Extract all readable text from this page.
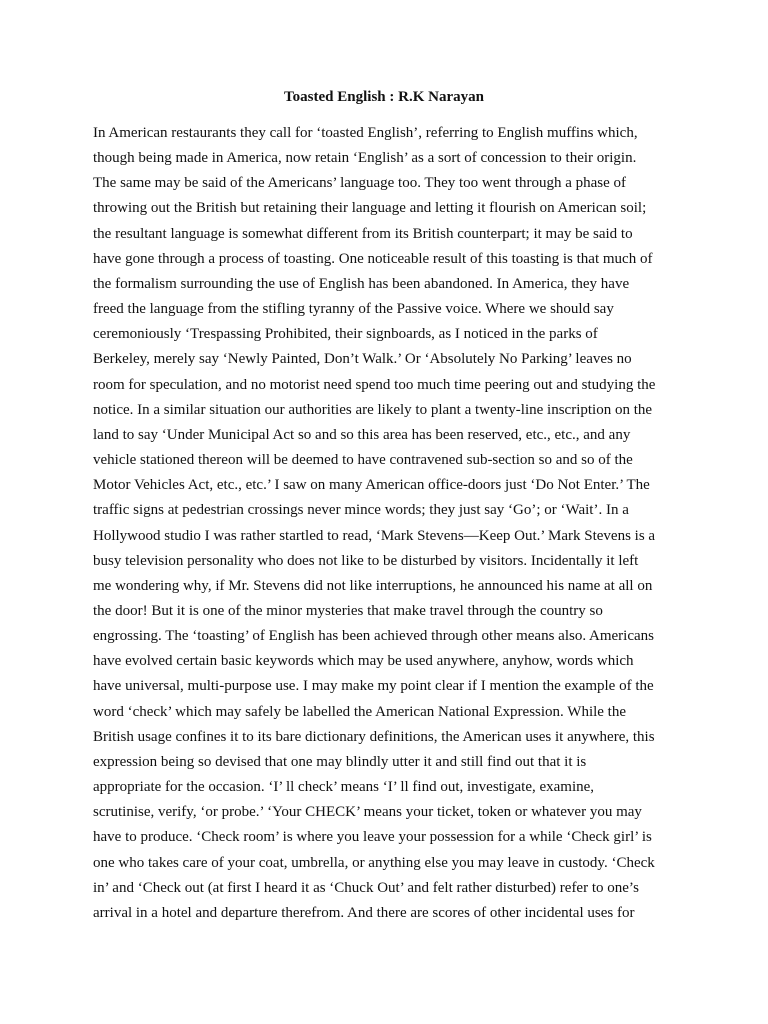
Toasted English : R.K Narayan
In American restaurants they call for ‘toasted English’, referring to English muffins which,
though being made in America, now retain ‘English’ as a sort of concession to their origin.
The same may be said of the Americans’ language too. They too went through a phase of
throwing out the British but retaining their language and letting it flourish on American soil;
the resultant language is somewhat different from its British counterpart; it may be said to
have gone through a process of toasting. One noticeable result of this toasting is that much of
the formalism surrounding the use of English has been abandoned. In America, they have
freed the language from the stifling tyranny of the Passive voice. Where we should say
ceremoniously ‘Trespassing Prohibited, their signboards, as I noticed in the parks of
Berkeley, merely say ‘Newly Painted, Don’t Walk.’ Or ‘Absolutely No Parking’ leaves no
room for speculation, and no motorist need spend too much time peering out and studying the
notice. In a similar situation our authorities are likely to plant a twenty-line inscription on the
land to say ‘Under Municipal Act so and so this area has been reserved, etc., etc., and any
vehicle stationed thereon will be deemed to have contravened sub-section so and so of the
Motor Vehicles Act, etc., etc.’ I saw on many American office-doors just ‘Do Not Enter.’ The
traffic signs at pedestrian crossings never mince words; they just say ‘Go’; or ‘Wait’. In a
Hollywood studio I was rather startled to read, ‘Mark Stevens—Keep Out.’ Mark Stevens is a
busy television personality who does not like to be disturbed by visitors. Incidentally it left
me wondering why, if Mr. Stevens did not like interruptions, he announced his name at all on
the door! But it is one of the minor mysteries that make travel through the country so
engrossing. The ‘toasting’ of English has been achieved through other means also. Americans
have evolved certain basic keywords which may be used anywhere, anyhow, words which
have universal, multi-purpose use. I may make my point clear if I mention the example of the
word ‘check’ which may safely be labelled the American National Expression. While the
British usage confines it to its bare dictionary definitions, the American uses it anywhere, this
expression being so devised that one may blindly utter it and still find out that it is
appropriate for the occasion. ‘I’ ll check’ means ‘I’ ll find out, investigate, examine,
scrutinise, verify, ‘or probe.’ ‘Your CHECK’ means your ticket, token or whatever you may
have to produce. ‘Check room’ is where you leave your possession for a while ‘Check girl’ is
one who takes care of your coat, umbrella, or anything else you may leave in custody. ‘Check
in’ and ‘Check out (at first I heard it as ‘Chuck Out’ and felt rather disturbed) refer to one’s
arrival in a hotel and departure therefrom. And there are scores of other incidental uses for
